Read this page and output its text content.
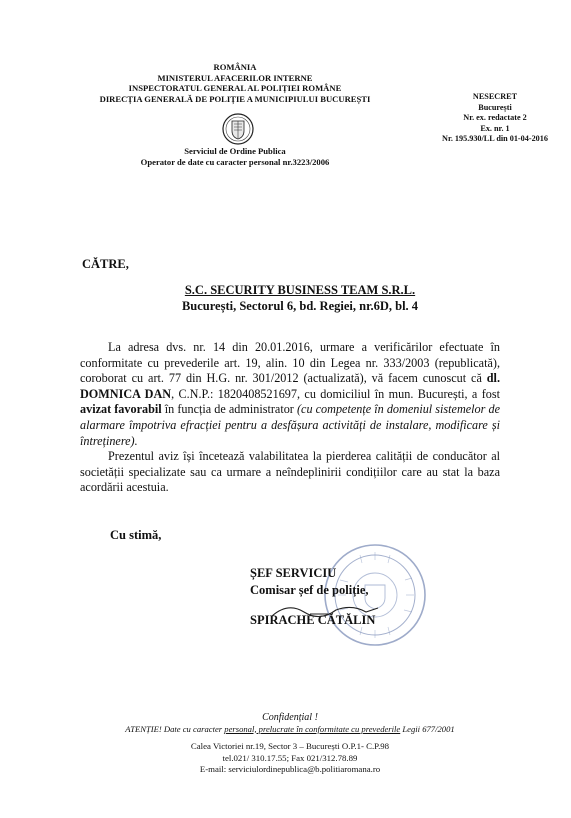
ROMÂNIA
MINISTERUL AFACERILOR INTERNE
INSPECTORATUL GENERAL AL POLIȚIEI ROMÂNE
DIRECȚIA GENERALĂ DE POLIȚIE A MUNICIPIULUI BUCUREȘTI
Serviciul de Ordine Publica
Operator de date cu caracter personal nr.3223/2006
NESECRET
București
Nr. ex. redactate 2
Ex. nr. 1
Nr. 195.930/LL din 01-04-2016
CĂTRE,
S.C. SECURITY BUSINESS TEAM S.R.L.
București, Sectorul 6, bd. Regiei, nr.6D, bl. 4

La adresa dvs. nr. 14 din 20.01.2016, urmare a verificărilor efectuate în conformitate cu prevederile art. 19, alin. 10 din Legea nr. 333/2003 (republicată), coroborat cu art. 77 din H.G. nr. 301/2012 (actualizată), vă facem cunoscut că dl. DOMNICA DAN, C.N.P.: 1820408521697, cu domiciliul în mun. București, a fost avizat favorabil în funcția de administrator (cu competențe în domeniul sistemelor de alarmare împotriva efracției pentru a desfășura activități de instalare, modificare și întreținere).

Prezentul aviz își încetează valabilitatea la pierderea calității de conducător al societății specializate sau ca urmare a neîndeplinirii condițiilor care au stat la baza acordării acestuia.

Cu stimă,
ȘEF SERVICIU
Comisar șef de poliție,
SPIRACHE CĂTĂLIN
Confidențial !
ATENȚIE! Date cu caracter personal, prelucrate în conformitate cu prevederile Legii 677/2001
Calea Victoriei nr.19, Sector 3 – București O.P.1- C.P.98
tel.021/ 310.17.55; Fax 021/312.78.89
E-mail: serviciulordinepublica@b.politiaromana.ro
